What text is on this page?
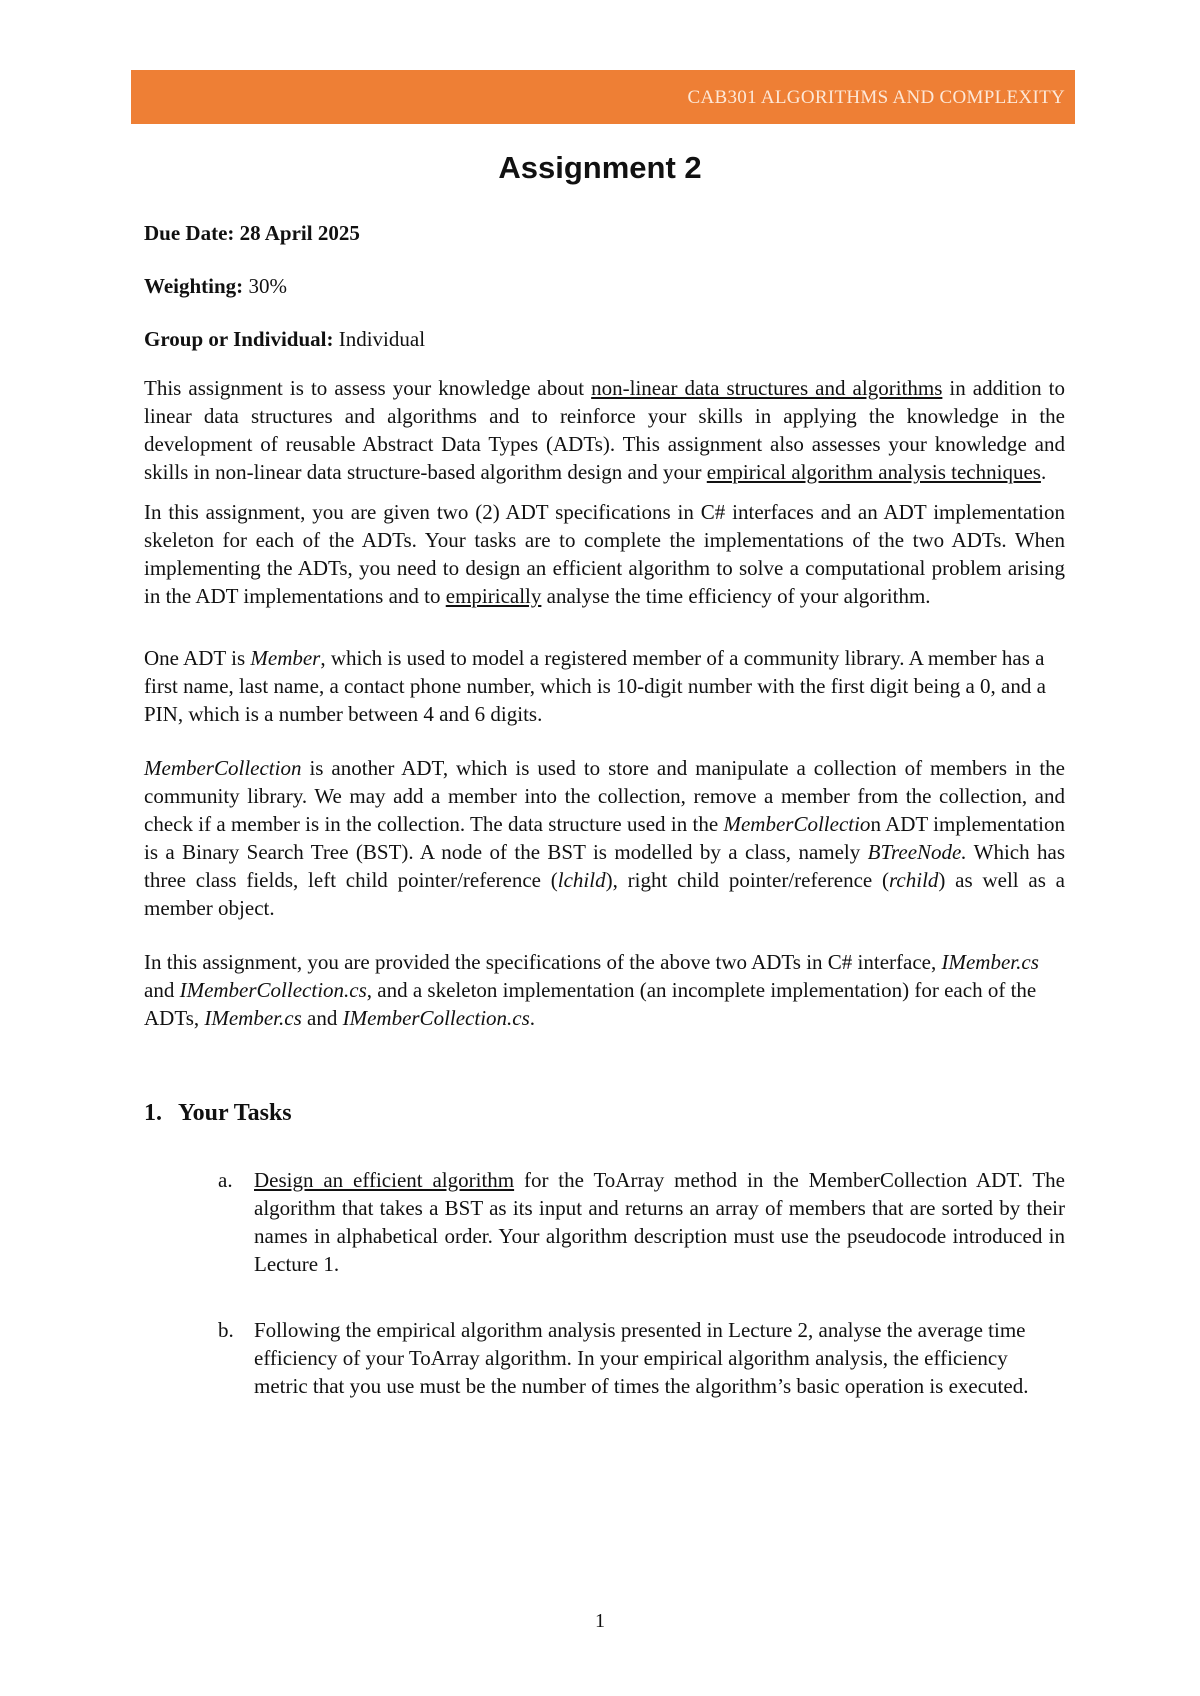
CAB301 ALGORITHMS AND COMPLEXITY
Assignment 2
Due Date: 28 April 2025
Weighting: 30%
Group or Individual: Individual

This assignment is to assess your knowledge about non-linear data structures and algorithms in addition to linear data structures and algorithms and to reinforce your skills in applying the knowledge in the development of reusable Abstract Data Types (ADTs). This assignment also assesses your knowledge and skills in non-linear data structure-based algorithm design and your empirical algorithm analysis techniques.

In this assignment, you are given two (2) ADT specifications in C# interfaces and an ADT implementation skeleton for each of the ADTs. Your tasks are to complete the implementations of the two ADTs. When implementing the ADTs, you need to design an efficient algorithm to solve a computational problem arising in the ADT implementations and to empirically analyse the time efficiency of your algorithm.

One ADT is Member, which is used to model a registered member of a community library. A member has a first name, last name, a contact phone number, which is 10-digit number with the first digit being a 0, and a PIN, which is a number between 4 and 6 digits.

MemberCollection is another ADT, which is used to store and manipulate a collection of members in the community library. We may add a member into the collection, remove a member from the collection, and check if a member is in the collection. The data structure used in the MemberCollection ADT implementation is a Binary Search Tree (BST). A node of the BST is modelled by a class, namely BTreeNode. Which has three class fields, left child pointer/reference (lchild), right child pointer/reference (rchild) as well as a member object.

In this assignment, you are provided the specifications of the above two ADTs in C# interface, IMember.cs and IMemberCollection.cs, and a skeleton implementation (an incomplete implementation) for each of the ADTs, IMember.cs and IMemberCollection.cs.

1. Your Tasks
a. Design an efficient algorithm for the ToArray method in the MemberCollection ADT. The algorithm that takes a BST as its input and returns an array of members that are sorted by their names in alphabetical order. Your algorithm description must use the pseudocode introduced in Lecture 1.
b. Following the empirical algorithm analysis presented in Lecture 2, analyse the average time efficiency of your ToArray algorithm. In your empirical algorithm analysis, the efficiency metric that you use must be the number of times the algorithm’s basic operation is executed.
1
